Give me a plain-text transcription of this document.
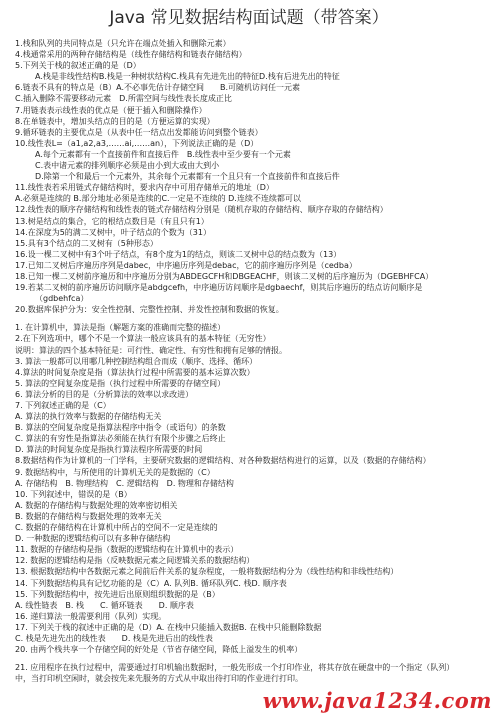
Java 常见数据结构面试题（带答案）
1.栈和队列的共同特点是（只允许在端点处插入和删除元素）
4.栈通常采用的两种存储结构是（线性存储结构和链表存储结构）
5.下列关于栈的叙述正确的是（D）
A.栈是非线性结构B.栈是一种树状结构C.栈具有先进先出的特征D.栈有后进先出的特征
6.链表不具有的特点是（B）A.不必事先估计存储空间　　B.可随机访问任一元素
C.插入删除不需要移动元素　D.所需空间与线性表长度成正比
7.用链表表示线性表的优点是（便于插入和删除操作）
8.在单链表中，增加头结点的目的是（方便运算的实现）
9.循环链表的主要优点是（从表中任一结点出发都能访问到整个链表）
10.线性表L=（a1,a2,a3,……ai,……an），下列说法正确的是（D）
A.每个元素都有一个直接前件和直接后件　B.线性表中至少要有一个元素
C.表中诸元素的排列顺序必须是由小到大或由大到小
D.除第一个和最后一个元素外，其余每个元素都有一个且只有一个直接前件和直接后件
11.线性表若采用链式存储结构时，要求内存中可用存储单元的地址（D）
A.必须是连续的 B.部分地址必须是连续的C.一定是不连续的 D.连续不连续都可以
12.线性表的顺序存储结构和线性表的链式存储结构分别是（随机存取的存储结构、顺序存取的存储结构）
13.树是结点的集合，它的根结点数目是（有且只有1）
14.在深度为5的满二叉树中，叶子结点的个数为（31）
15.具有3个结点的二叉树有（5种形态）
16.设一棵二叉树中有3个叶子结点，有8个度为1的结点，则该二叉树中总的结点数为（13）
17.已知二叉树后序遍历序列是dabec，中序遍历序列是debac，它的前序遍历序列是（cedba）
18.已知一棵二叉树前序遍历和中序遍历分别为ABDEGCFH和DBGEACHF，则该二叉树的后序遍历为（DGEBHFCA）
19.若某二叉树的前序遍历访问顺序是abdgcefh，中序遍历访问顺序是dgbaechf，则其后序遍历的结点访问顺序是
（gdbehfca）
20.数据库保护分为：安全性控制、完整性控制、并发性控制和数据的恢复。
1. 在计算机中，算法是指（解题方案的准确而完整的描述）
2.在下列选项中，哪个不是一个算法一般应该具有的基本特征（无穷性）
说明：算法的四个基本特征是：可行性、确定性、有穷性和拥有足够的情报。
3. 算法一般都可以用哪几种控制结构组合而成（顺序、选择、循环）
4.算法的时间复杂度是指（算法执行过程中所需要的基本运算次数）
5. 算法的空间复杂度是指（执行过程中所需要的存储空间）
6. 算法分析的目的是（分析算法的效率以求改进）
7. 下列叙述正确的是（C）
A. 算法的执行效率与数据的存储结构无关
B. 算法的空间复杂度是指算法程序中指令（或语句）的条数
C. 算法的有穷性是指算法必须能在执行有限个步骤之后终止
D. 算法的时间复杂度是指执行算法程序所需要的时间
8.数据结构作为计算机的一门学科，主要研究数据的逻辑结构、对各种数据结构进行的运算，以及（数据的存储结构）
9. 数据结构中，与所使用的计算机无关的是数据的（C）
A. 存储结构　B. 物理结构　C. 逻辑结构　D. 物理和存储结构
10. 下列叙述中，错误的是（B）
A. 数据的存储结构与数据处理的效率密切相关
B. 数据的存储结构与数据处理的效率无关
C. 数据的存储结构在计算机中所占的空间不一定是连续的
D. 一种数据的逻辑结构可以有多种存储结构
11. 数据的存储结构是指（数据的逻辑结构在计算机中的表示）
12. 数据的逻辑结构是指（反映数据元素之间逻辑关系的数据结构）
13. 根据数据结构中各数据元素之间前后件关系的复杂程度，一般将数据结构分为（线性结构和非线性结构）
14. 下列数据结构具有记忆功能的是（C）A. 队列B. 循环队列C. 栈D. 顺序表
15. 下列数据结构中，按先进后出原则组织数据的是（B）
A. 线性链表　B. 栈　　C. 循环链表　　D. 顺序表
16. 递归算法一般需要利用（队列）实现。
17. 下列关于栈的叙述中正确的是（D）A. 在栈中只能插入数据B. 在栈中只能删除数据
C. 栈是先进先出的线性表　　D. 栈是先进后出的线性表
20. 由两个栈共享一个存储空间的好处是（节省存储空间，降低上溢发生的机率）
21. 应用程序在执行过程中，需要通过打印机输出数据时，一般先形成一个打印作业，将其存放在硬盘中的一个指定（队列）
中，当打印机空闲时，就会按先来先服务的方式从中取出待打印的作业进行打印。
www.java1234.com
